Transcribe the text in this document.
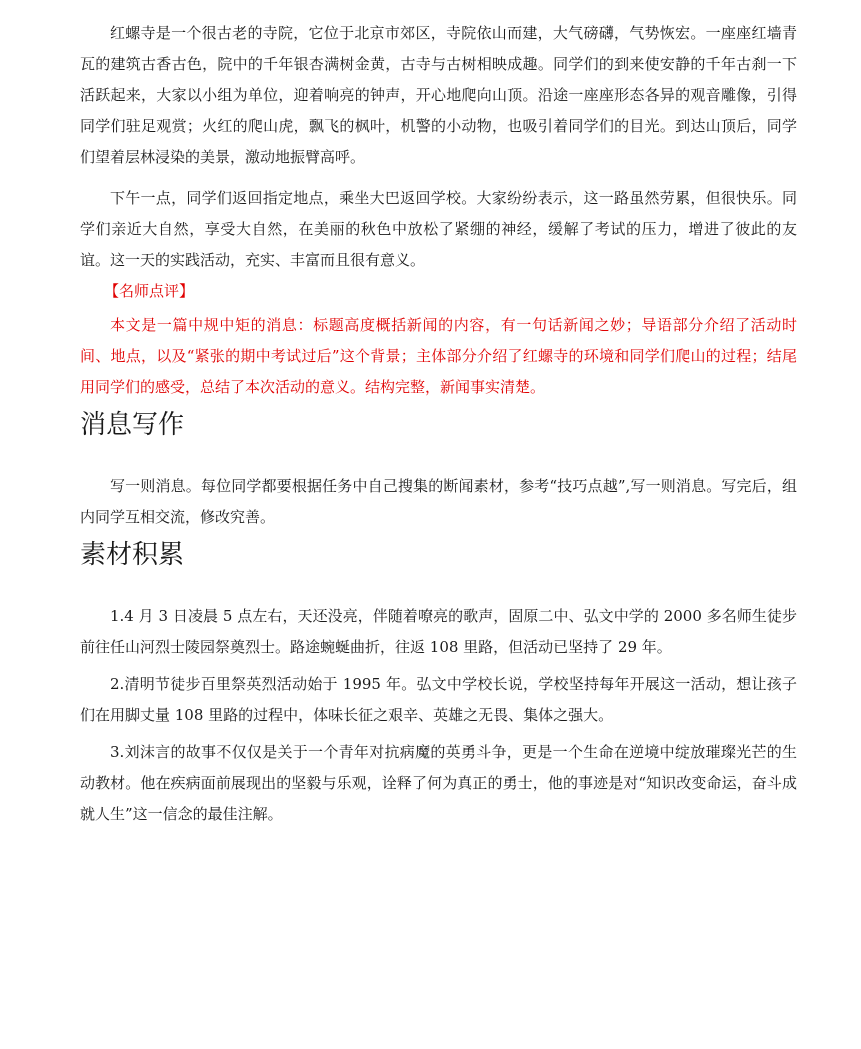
红螺寺是一个很古老的寺院，它位于北京市郊区，寺院依山而建，大气磅礴，气势恢宏。一座座红墙青瓦的建筑古香古色，院中的千年银杏满树金黄，古寺与古树相映成趣。同学们的到来使安静的千年古刹一下活跃起来，大家以小组为单位，迎着响亮的钟声，开心地爬向山顶。沿途一座座形态各异的观音雕像，引得同学们驻足观赏；火红的爬山虎，飘飞的枫叶，机警的小动物，也吸引着同学们的目光。到达山顶后，同学们望着层林浸染的美景，激动地振臂高呼。

下午一点，同学们返回指定地点，乘坐大巴返回学校。大家纷纷表示，这一路虽然劳累，但很快乐。同学们亲近大自然，享受大自然，在美丽的秋色中放松了紧绷的神经，缓解了考试的压力，增进了彼此的友谊。这一天的实践活动，充实、丰富而且很有意义。

【名师点评】

本文是一篇中规中矩的消息：标题高度概括新闻的内容，有一句话新闻之妙；导语部分介绍了活动时间、地点，以及“紧张的期中考试过后”这个背景；主体部分介绍了红螺寺的环境和同学们爬山的过程；结尾用同学们的感受，总结了本次活动的意义。结构完整，新闻事实清楚。

消息写作

写一则消息。每位同学都要根据任务中自己搜集的断闻素材，参考“技巧点越”,写一则消息。写完后，组内同学互相交流，修改究善。

素材积累

1.4 月 3 日凌晨 5 点左右，天还没亮，伴随着嘹亮的歌声，固原二中、弘文中学的 2000 多名师生徒步前往任山河烈士陵园祭奠烈士。路途蜿蜒曲折，往返 108 里路，但活动已坚持了 29 年。

2.清明节徒步百里祭英烈活动始于 1995 年。弘文中学校长说，学校坚持每年开展这一活动，想让孩子们在用脚丈量 108 里路的过程中，体味长征之艰辛、英雄之无畏、集体之强大。

3.刘沫言的故事不仅仅是关于一个青年对抗病魔的英勇斗争，更是一个生命在逆境中绽放璀璨光芒的生动教材。他在疾病面前展现出的坚毅与乐观，诠释了何为真正的勇士，他的事迹是对“知识改变命运，奋斗成就人生”这一信念的最佳注解。
